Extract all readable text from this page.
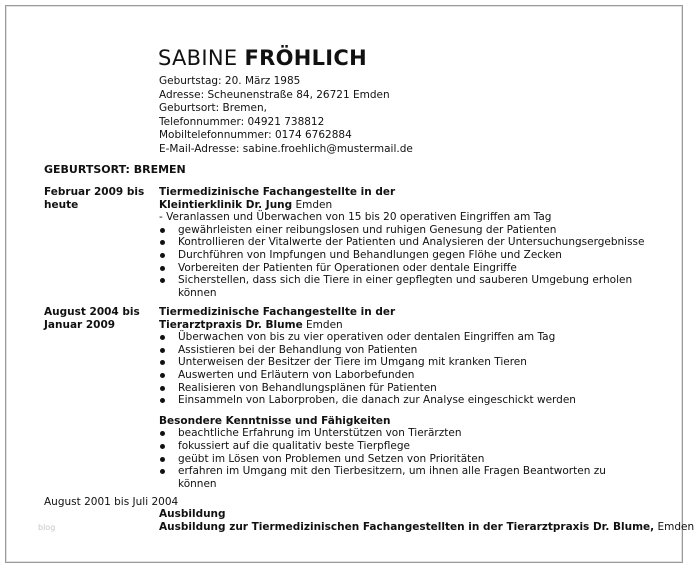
SABINE FRÖHLICH
Geburtstag: 20. März 1985
Adresse: Scheunenstraße 84, 26721 Emden
Geburtsort: Bremen,
Telefonnummer: 04921 738812
Mobiltelefonnummer: 0174 6762884
E-Mail-Adresse: sabine.froehlich@mustermail.de
GEBURTSORT: BREMEN
Februar 2009 bis
heute
Tiermedizinische Fachangestellte in der
Kleintierklinik Dr. Jung Emden
- Veranlassen und Überwachen von 15 bis 20 operativen Eingriffen am Tag
gewährleisten einer reibungslosen und ruhigen Genesung der Patienten
Kontrollieren der Vitalwerte der Patienten und Analysieren der Untersuchungsergebnisse
Durchführen von Impfungen und Behandlungen gegen Flöhe und Zecken
Vorbereiten der Patienten für Operationen oder dentale Eingriffe
Sicherstellen, dass sich die Tiere in einer gepflegten und sauberen Umgebung erholen können
August 2004 bis
Januar 2009
Tiermedizinische Fachangestellte in der
Tierarztpraxis Dr. Blume Emden
Überwachen von bis zu vier operativen oder dentalen Eingriffen am Tag
Assistieren bei der Behandlung von Patienten
Unterweisen der Besitzer der Tiere im Umgang mit kranken Tieren
Auswerten und Erläutern von Laborbefunden
Realisieren von Behandlungsplänen für Patienten
Einsammeln von Laborproben, die danach zur Analyse eingeschickt werden
Besondere Kenntnisse und Fähigkeiten
beachtliche Erfahrung im Unterstützen von Tierärzten
fokussiert auf die qualitativ beste Tierpflege
geübt im Lösen von Problemen und Setzen von Prioritäten
erfahren im Umgang mit den Tierbesitzern, um ihnen alle Fragen Beantworten zu können
August 2001 bis Juli 2004
Ausbildung
Ausbildung zur Tiermedizinischen Fachangestellten in der Tierarztpraxis Dr. Blume, Emden
blog
